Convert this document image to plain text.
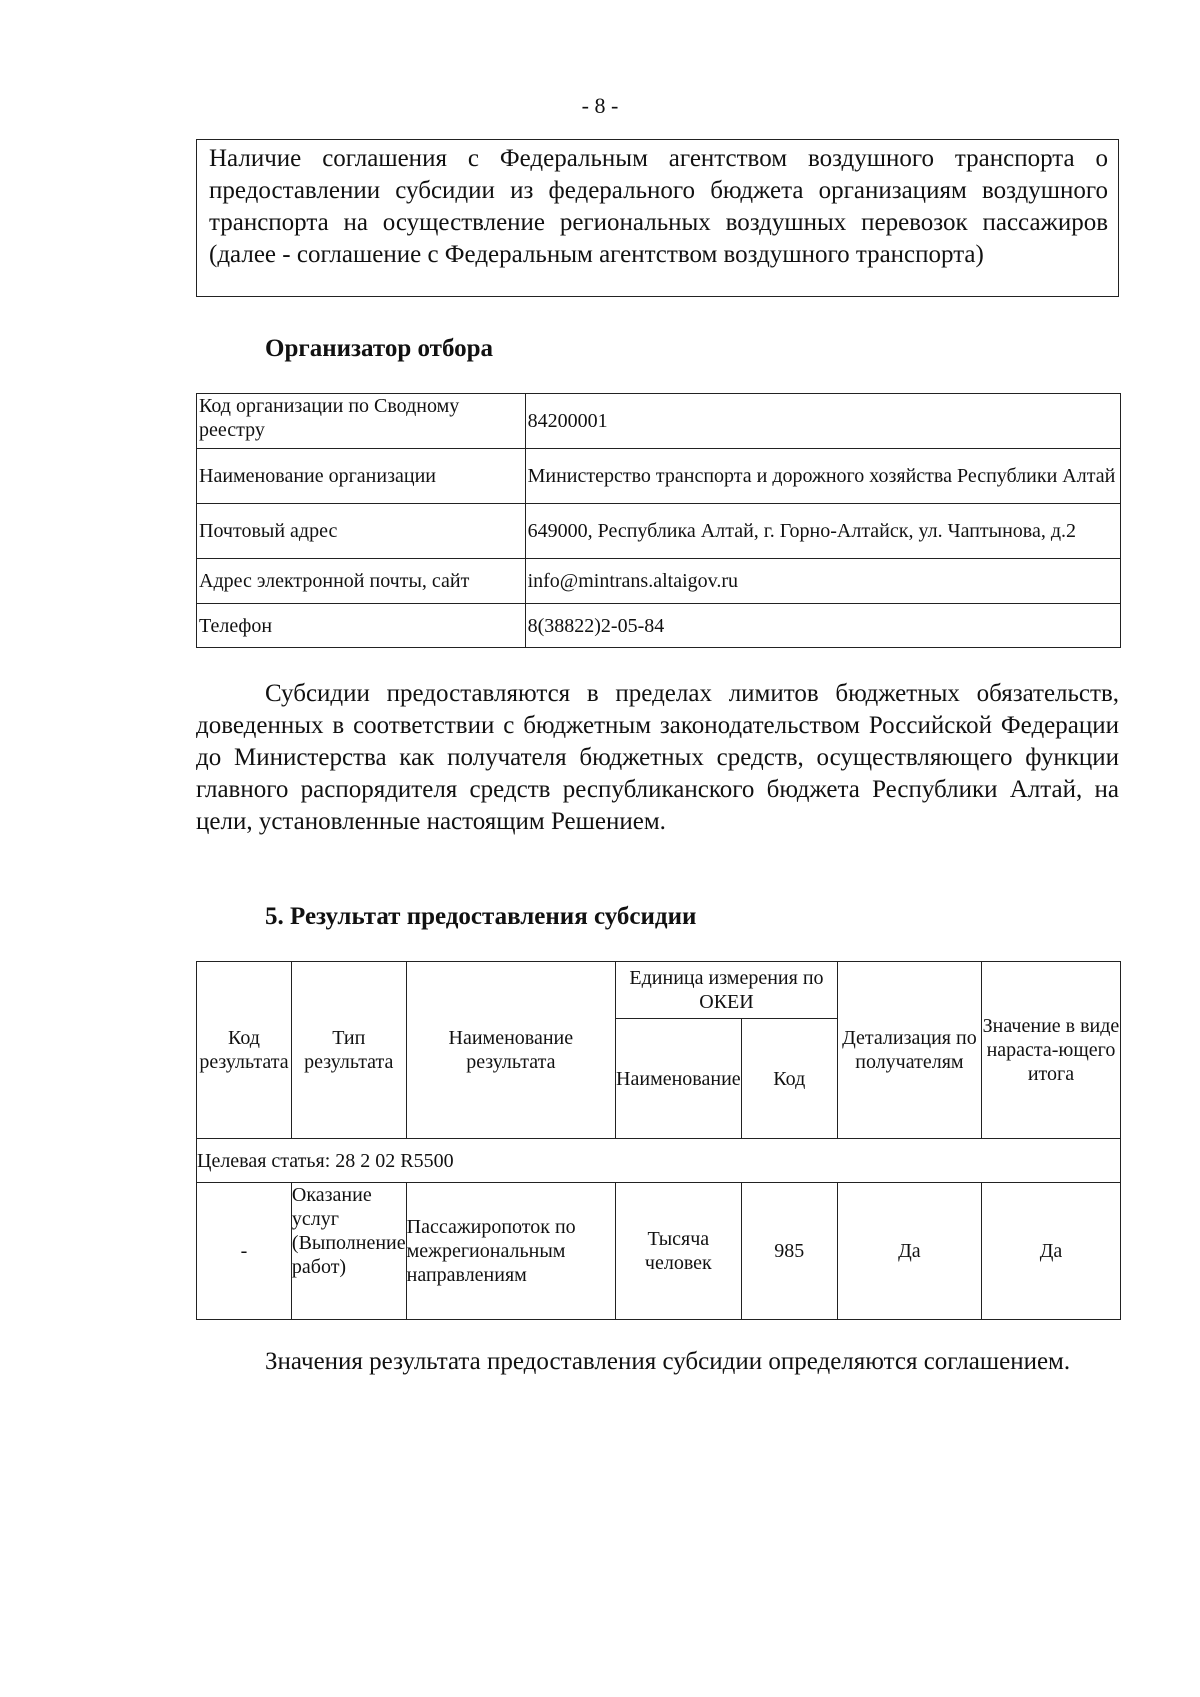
- 8 -
Наличие соглашения с Федеральным агентством воздушного транспорта о предоставлении субсидии из федерального бюджета организациям воздушного транспорта на осуществление региональных воздушных перевозок пассажиров (далее - соглашение с Федеральным агентством воздушного транспорта)
Организатор отбора
Код организации по Сводному реестру	84200001
Наименование организации	Министерство транспорта и дорожного хозяйства Республики Алтай
Почтовый адрес	649000, Республика Алтай, г. Горно-Алтайск, ул. Чаптынова, д.2
Адрес электронной почты, сайт	info@mintrans.altaigov.ru
Телефон	8(38822)2-05-84
Субсидии предоставляются в пределах лимитов бюджетных обязательств, доведенных в соответствии с бюджетным законодательством Российской Федерации до Министерства как получателя бюджетных средств, осуществляющего функции главного распорядителя средств республиканского бюджета Республики Алтай, на цели, установленные настоящим Решением.
5. Результат предоставления субсидии
Код результата	Тип результата	Наименование результата	Единица измерения по ОКЕИ		Детализация по получателям	Значение в виде нараста-ющего итога
			Наименование	Код		
Целевая статья: 28 2 02 R5500						
-	Оказание услуг (Выполнение работ)	Пассажиропоток по межрегиональным направлениям	Тысяча человек	985	Да	Да
Значения результата предоставления субсидии определяются соглашением.
